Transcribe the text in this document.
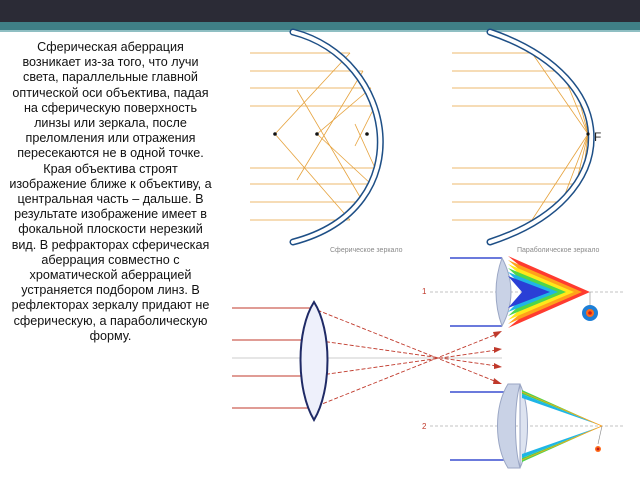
Сферическая аберрация возникает из-за того, что лучи света, параллельные главной оптической оси объектива, падая на сферическую поверхность линзы или зеркала, после преломления или отражения пересекаются не в одной точке. Края объектива строят изображение ближе к объективу, а центральная часть – дальше. В результате изображение имеет в фокальной плоскости нерезкий вид. В рефракторах сферическая аберрация совместно с хроматической аберрацией устраняется подбором линз. В рефлекторах зеркалу придают не сферическую, а параболическую форму.
Сферическое зеркало
F
Параболическое зеркало
1
2
